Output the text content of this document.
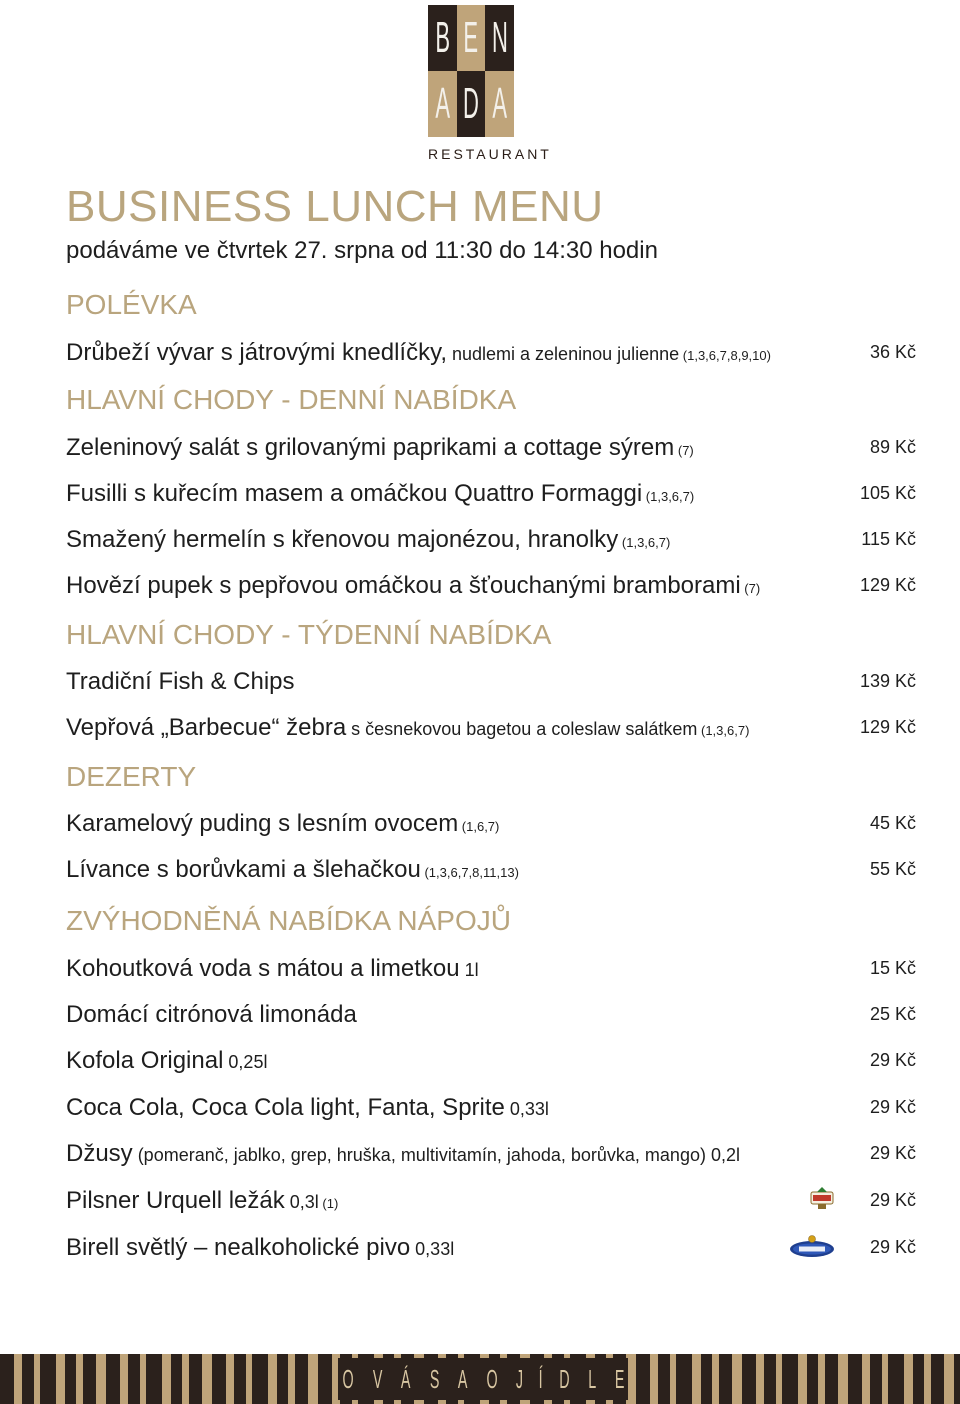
B E N
A D A
RESTAURANT
BUSINESS LUNCH MENU
podáváme ve čtvrtek 27. srpna od 11:30 do 14:30 hodin
POLÉVKA
Drůbeží vývar s játrovými knedlíčky, nudlemi a zeleninou julienne (1,3,6,7,8,9,10)	36 Kč
HLAVNÍ CHODY - DENNÍ NABÍDKA
Zeleninový salát s grilovanými paprikami a cottage sýrem (7)	89 Kč
Fusilli s kuřecím masem a omáčkou Quattro Formaggi (1,3,6,7)	105 Kč
Smažený hermelín s křenovou majonézou, hranolky (1,3,6,7)	115 Kč
Hovězí pupek s pepřovou omáčkou a šťouchanými bramborami (7)	129 Kč
HLAVNÍ CHODY - TÝDENNÍ NABÍDKA
Tradiční Fish & Chips	139 Kč
Vepřová „Barbecue“ žebra s česnekovou bagetou a coleslaw salátkem (1,3,6,7)	129 Kč
DEZERTY
Karamelový puding s lesním ovocem (1,6,7)	45 Kč
Lívance s borůvkami a šlehačkou (1,3,6,7,8,11,13)	55 Kč
ZVÝHODNĚNÁ NABÍDKA NÁPOJŮ
Kohoutková voda s mátou a limetkou 1l	15 Kč
Domácí citrónová limonáda	25 Kč
Kofola Original 0,25l	29 Kč
Coca Cola, Coca Cola light, Fanta, Sprite 0,33l	29 Kč
Džusy (pomeranč, jablko, grep, hruška, multivitamín, jahoda, borůvka, mango) 0,2l	29 Kč
Pilsner Urquell ležák 0,3l (1)	29 Kč
Birell světlý – nealkoholické pivo 0,33l	29 Kč
O V Á S A O J Í D L E
